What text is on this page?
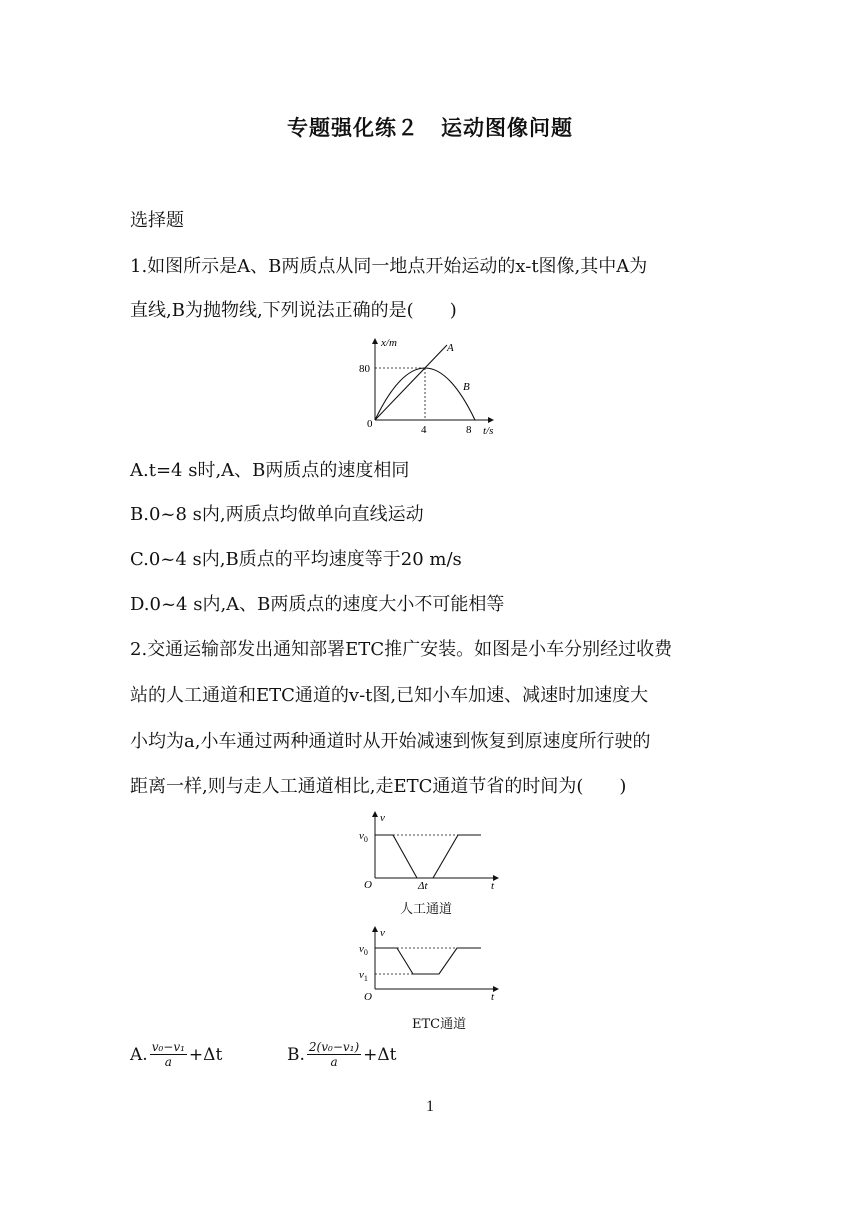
专题强化练２　运动图像问题
选择题
1.如图所示是A、B两质点从同一地点开始运动的x-t图像,其中A为
直线,B为抛物线,下列说法正确的是(　　)
x/m
80
0	4	8 t/s
A
B
A.t=4 s时,A、B两质点的速度相同
B.0~8 s内,两质点均做单向直线运动
C.0~4 s内,B质点的平均速度等于20 m/s
D.0~4 s内,A、B两质点的速度大小不可能相等
2.交通运输部发出通知部署ETC推广安装。如图是小车分别经过收费
站的人工通道和ETC通道的v-t图,已知小车加速、减速时加速度大
小均为a,小车通过两种通道时从开始减速到恢复到原速度所行驶的
距离一样,则与走人工通道相比,走ETC通道节省的时间为(　　)
v
$v_0$
O	Δt	t
人工通道
v
$v_0$
$v_1$
O	t
ETC通道
A. $\frac{\text{v₀−v₁}}{a} +\Delta t$	B. $\frac{\text{2(v₀−v₁)}}{a} +\Delta t$
1
